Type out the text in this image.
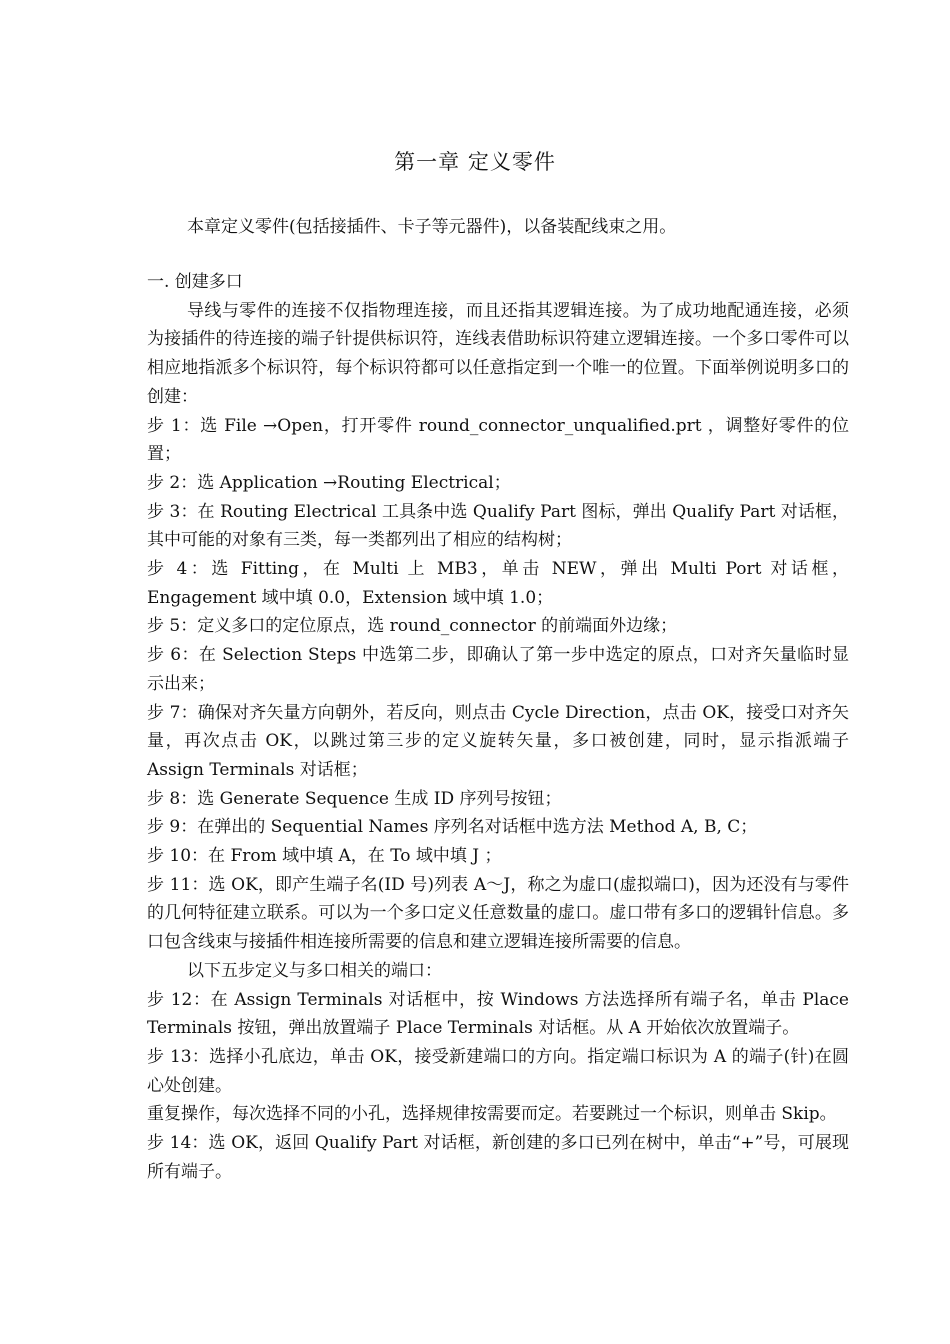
第一章 定义零件
本章定义零件(包括接插件、卡子等元器件)，以备装配线束之用。

一. 创建多口

导线与零件的连接不仅指物理连接，而且还指其逻辑连接。为了成功地配通连接，必须为接插件的待连接的端子针提供标识符，连线表借助标识符建立逻辑连接。一个多口零件可以相应地指派多个标识符，每个标识符都可以任意指定到一个唯一的位置。下面举例说明多口的创建：

步 1：选 File →Open，打开零件 round_connector_unqualified.prt ，调整好零件的位置；

步 2：选 Application →Routing Electrical；

步 3：在 Routing Electrical 工具条中选 Qualify Part 图标，弹出 Qualify Part 对话框，其中可能的对象有三类，每一类都列出了相应的结构树；

步 4：选 Fitting，在 Multi 上 MB3，单击 NEW，弹出 Multi Port 对话框，Engagement 域中填 0.0，Extension 域中填 1.0；

步 5：定义多口的定位原点，选 round_connector 的前端面外边缘；

步 6：在 Selection Steps 中选第二步，即确认了第一步中选定的原点，口对齐矢量临时显示出来；

步 7：确保对齐矢量方向朝外，若反向，则点击 Cycle Direction，点击 OK，接受口对齐矢量，再次点击 OK，以跳过第三步的定义旋转矢量，多口被创建，同时，显示指派端子 Assign Terminals 对话框；

步 8：选 Generate Sequence 生成 ID 序列号按钮；

步 9：在弹出的 Sequential Names 序列名对话框中选方法 Method A, B, C；

步 10：在 From 域中填 A，在 To 域中填 J ；

步 11：选 OK，即产生端子名(ID 号)列表 A～J，称之为虚口(虚拟端口)，因为还没有与零件的几何特征建立联系。可以为一个多口定义任意数量的虚口。虚口带有多口的逻辑针信息。多口包含线束与接插件相连接所需要的信息和建立逻辑连接所需要的信息。

以下五步定义与多口相关的端口：

步 12：在 Assign Terminals 对话框中，按 Windows 方法选择所有端子名，单击 Place Terminals 按钮，弹出放置端子 Place Terminals 对话框。从 A 开始依次放置端子。

步 13：选择小孔底边，单击 OK，接受新建端口的方向。指定端口标识为 A 的端子(针)在圆心处创建。

重复操作，每次选择不同的小孔，选择规律按需要而定。若要跳过一个标识，则单击 Skip。

步 14：选 OK，返回 Qualify Part 对话框，新创建的多口已列在树中，单击“+”号，可展现所有端子。
